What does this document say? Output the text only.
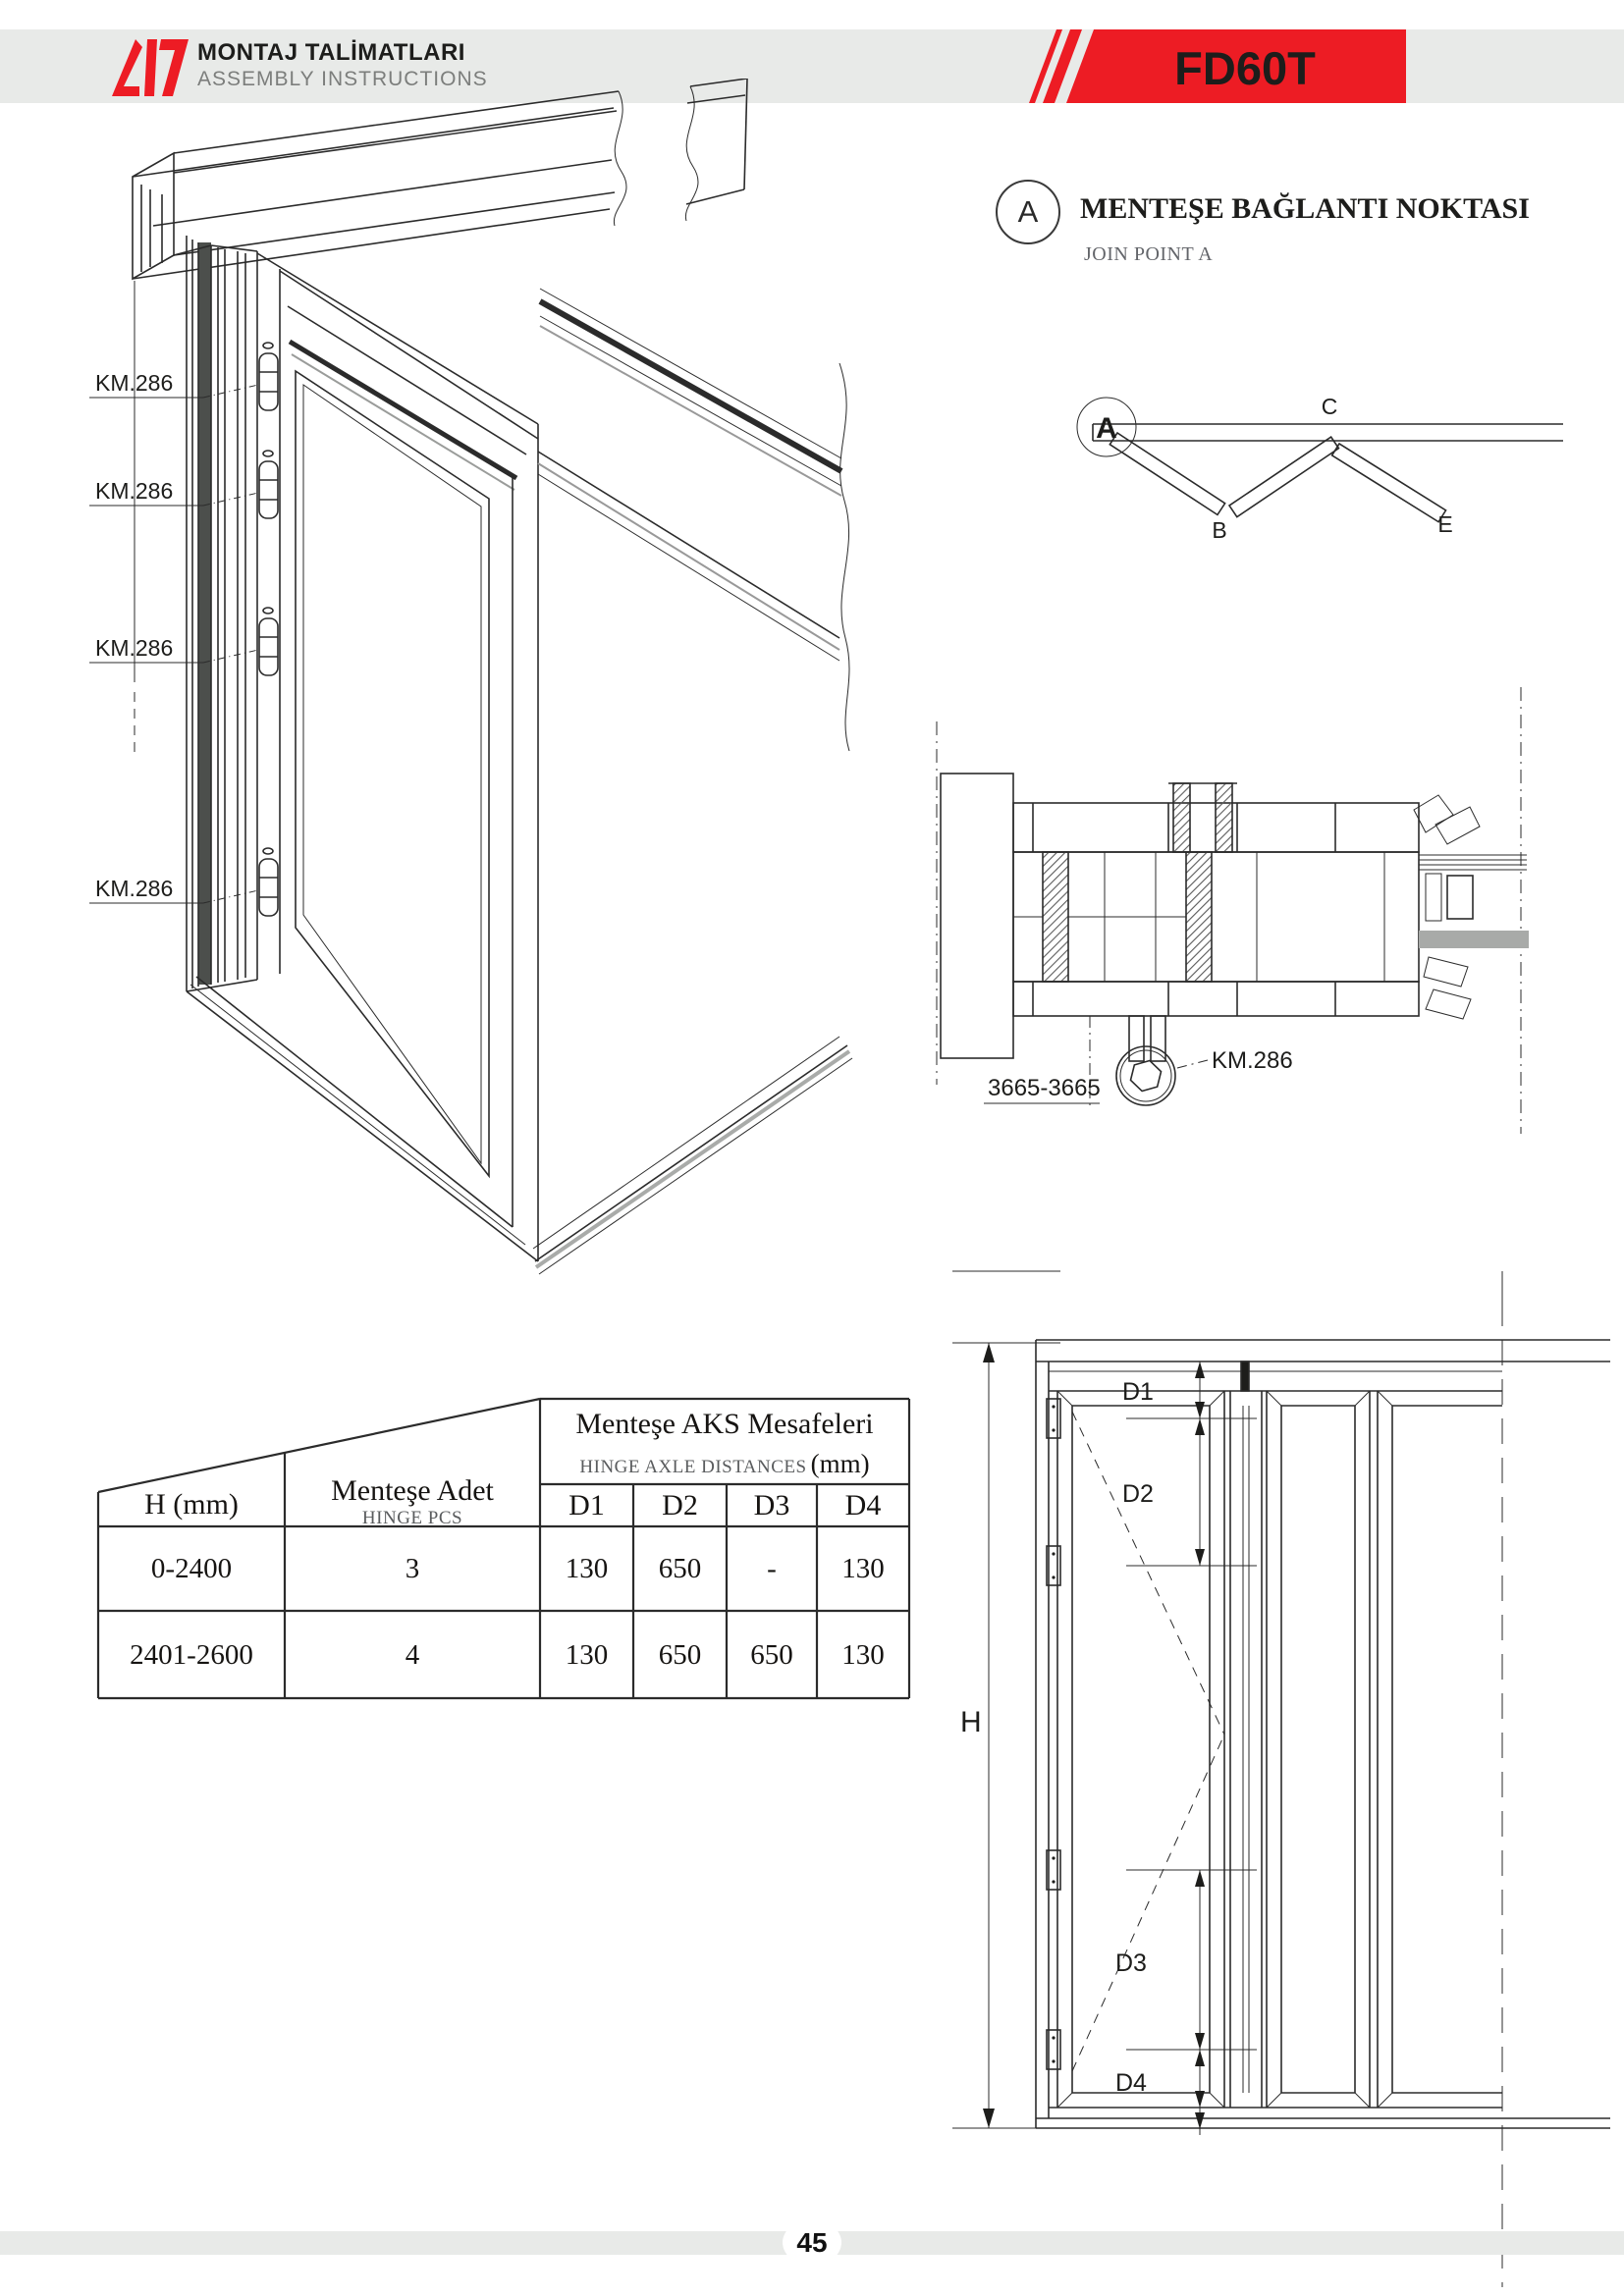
MONTAJ TALİMATLARI
ASSEMBLY INSTRUCTIONS	FD60T
KM.286
KM.286
KM.286
KM.286
A MENTEŞE BAĞLANTI NOKTASI
JOIN POINT A
A
B
C
E
3665-3665
KM.286
Menteşe AKS Mesafeleri
HINGE AXLE DISTANCES (mm)
H (mm)	Menteşe Adet
HINGE PCS	D1	D2	D3	D4
0-2400	3	130	650	-	130
2401-2600	4	130	650	650	130
H
D1
D2
D3
D4
45
